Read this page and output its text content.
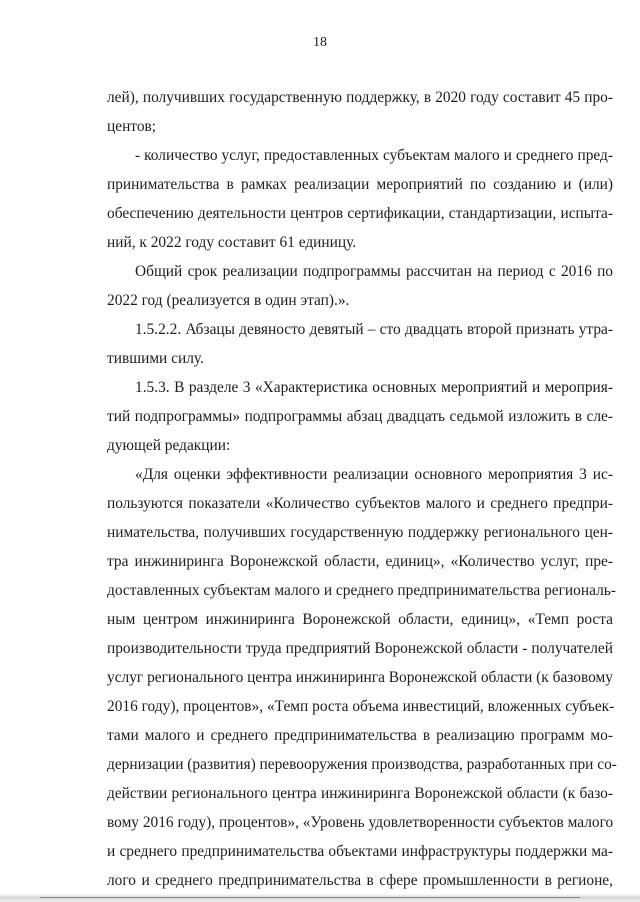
18
лей), получивших государственную поддержку, в 2020 году составит 45 про-
центов;
- количество услуг, предоставленных субъектам малого и среднего пред-
принимательства в рамках реализации мероприятий по созданию и (или)
обеспечению деятельности центров сертификации, стандартизации, испыта-
ний, к 2022 году составит 61 единицу.
Общий срок реализации подпрограммы рассчитан на период с 2016 по
2022 год (реализуется в один этап).».
1.5.2.2. Абзацы девяносто девятый – сто двадцать второй признать утра-
тившими силу.
1.5.3. В разделе 3 «Характеристика основных мероприятий и мероприя-
тий подпрограммы» подпрограммы абзац двадцать седьмой изложить в сле-
дующей редакции:
«Для оценки эффективности реализации основного мероприятия 3 ис-
пользуются показатели «Количество субъектов малого и среднего предпри-
нимательства, получивших государственную поддержку регионального цен-
тра инжиниринга Воронежской области, единиц», «Количество услуг, пре-
доставленных субъектам малого и среднего предпринимательства региональ-
ным центром инжиниринга Воронежской области, единиц», «Темп роста
производительности труда предприятий Воронежской области - получателей
услуг регионального центра инжиниринга Воронежской области (к базовому
2016 году), процентов», «Темп роста объема инвестиций, вложенных субъек-
тами малого и среднего предпринимательства в реализацию программ мо-
дернизации (развития) перевооружения производства, разработанных при со-
действии регионального центра инжиниринга Воронежской области (к базо-
вому 2016 году), процентов», «Уровень удовлетворенности субъектов малого
и среднего предпринимательства объектами инфраструктуры поддержки ма-
лого и среднего предпринимательства в сфере промышленности в регионе,
